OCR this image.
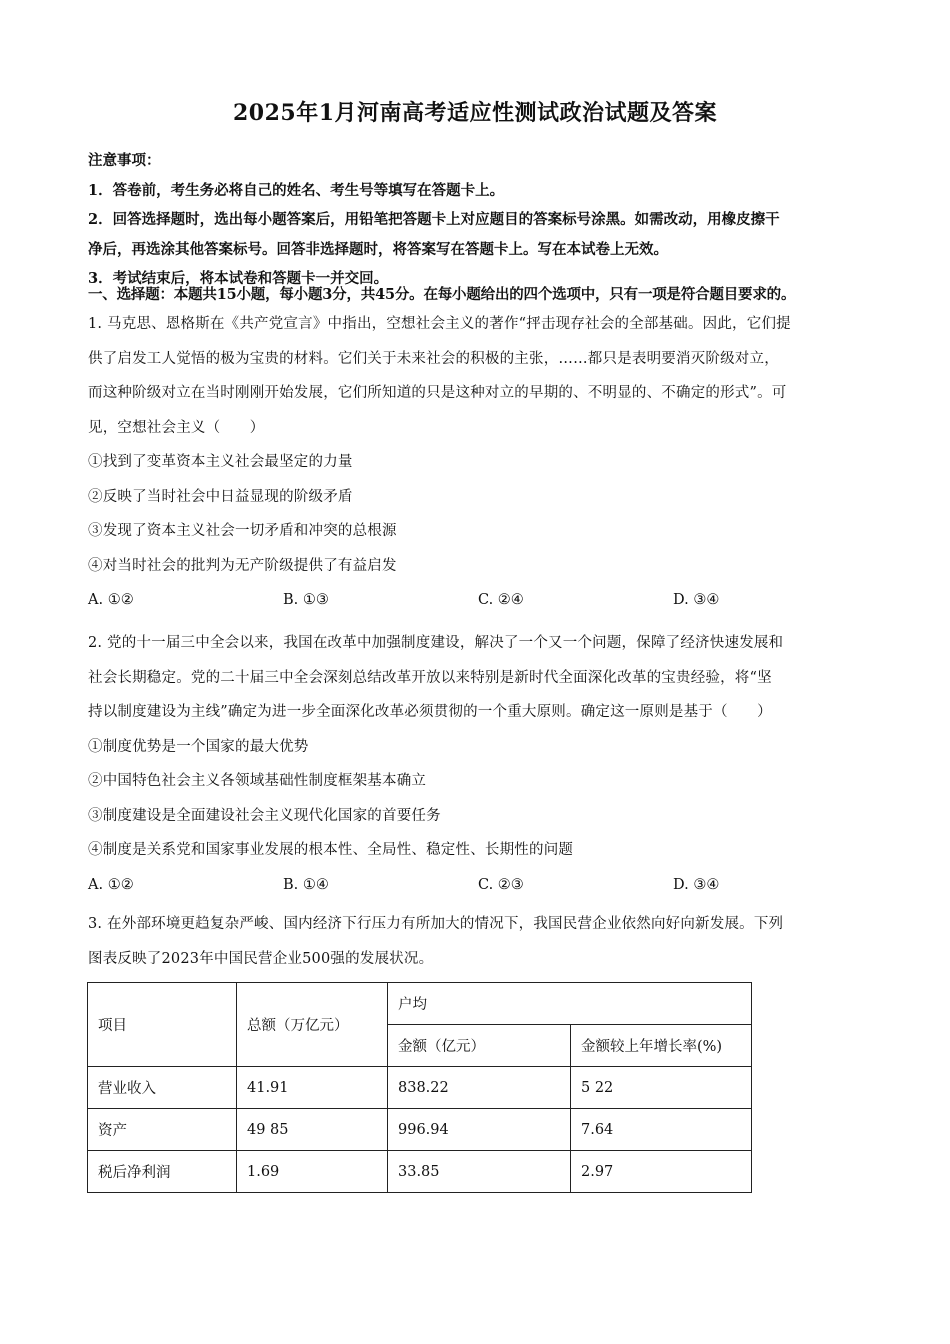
2025年1月河南高考适应性测试政治试题及答案
注意事项：
1．答卷前，考生务必将自己的姓名、考生号等填写在答题卡上。
2．回答选择题时，选出每小题答案后，用铅笔把答题卡上对应题目的答案标号涂黑。如需改动，用橡皮擦干
净后，再选涂其他答案标号。回答非选择题时，将答案写在答题卡上。写在本试卷上无效。
3．考试结束后，将本试卷和答题卡一并交回。
一、选择题：本题共15小题，每小题3分，共45分。在每小题给出的四个选项中，只有一项是符合题目要求的。
1. 马克思、恩格斯在《共产党宣言》中指出，空想社会主义的著作“抨击现存社会的全部基础。因此，它们提
供了启发工人觉悟的极为宝贵的材料。它们关于未来社会的积极的主张，……都只是表明要消灭阶级对立，
而这种阶级对立在当时刚刚开始发展，它们所知道的只是这种对立的早期的、不明显的、不确定的形式”。可
见，空想社会主义（　　）
①找到了变革资本主义社会最坚定的力量
②反映了当时社会中日益显现的阶级矛盾
③发现了资本主义社会一切矛盾和冲突的总根源
④对当时社会的批判为无产阶级提供了有益启发
A. ①②	B. ①③	C. ②④	D. ③④
2. 党的十一届三中全会以来，我国在改革中加强制度建设，解决了一个又一个问题，保障了经济快速发展和
社会长期稳定。党的二十届三中全会深刻总结改革开放以来特别是新时代全面深化改革的宝贵经验，将“坚
持以制度建设为主线”确定为进一步全面深化改革必须贯彻的一个重大原则。确定这一原则是基于（　　）
①制度优势是一个国家的最大优势
②中国特色社会主义各领域基础性制度框架基本确立
③制度建设是全面建设社会主义现代化国家的首要任务
④制度是关系党和国家事业发展的根本性、全局性、稳定性、长期性的问题
A. ①②	B. ①④	C. ②③	D. ③④
3. 在外部环境更趋复杂严峻、国内经济下行压力有所加大的情况下，我国民营企业依然向好向新发展。下列
图表反映了2023年中国民营企业500强的发展状况。
项目	总额（万亿元）	户均	
		金额（亿元）	金额较上年增长率(%)
营业收入	41.91	838.22	5 22
资产	49 85	996.94	7.64
税后净利润	1.69	33.85	2.97
